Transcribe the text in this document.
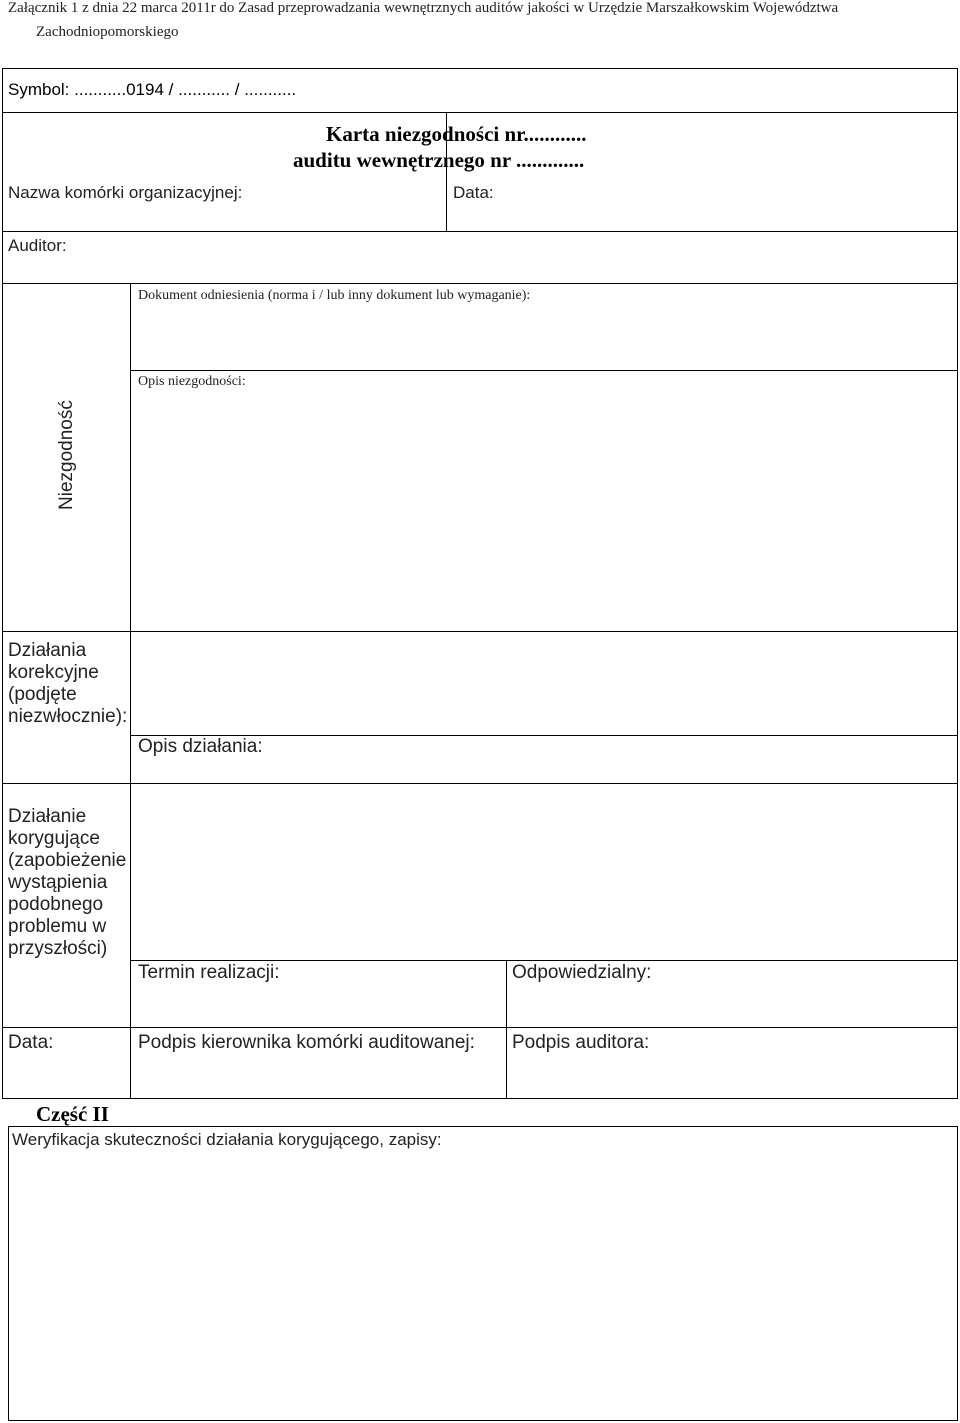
Załącznik 1 z dnia 22 marca 2011r do Zasad przeprowadzania wewnętrznych auditów jakości w Urzędzie Marszałkowskim Województwa
Zachodniopomorskiego
Symbol: ...........0194 / ........... / ...........
Karta niezgodności nr............
auditu wewnętrznego nr .............
Nazwa komórki organizacyjnej:	Data:
Auditor:
Dokument odniesienia (norma i / lub inny dokument lub wymaganie):
Opis niezgodności:
Niezgodność
Działania
korekcyjne
(podjęte
niezwłocznie):
Opis działania:
Działanie
korygujące
(zapobieżenie
wystąpienia
podobnego
problemu w
przyszłości)
Termin realizacji:	Odpowiedzialny:
Data:	Podpis kierownika komórki auditowanej: Podpis auditora:
Część II
Weryfikacja skuteczności działania korygującego, zapisy:
